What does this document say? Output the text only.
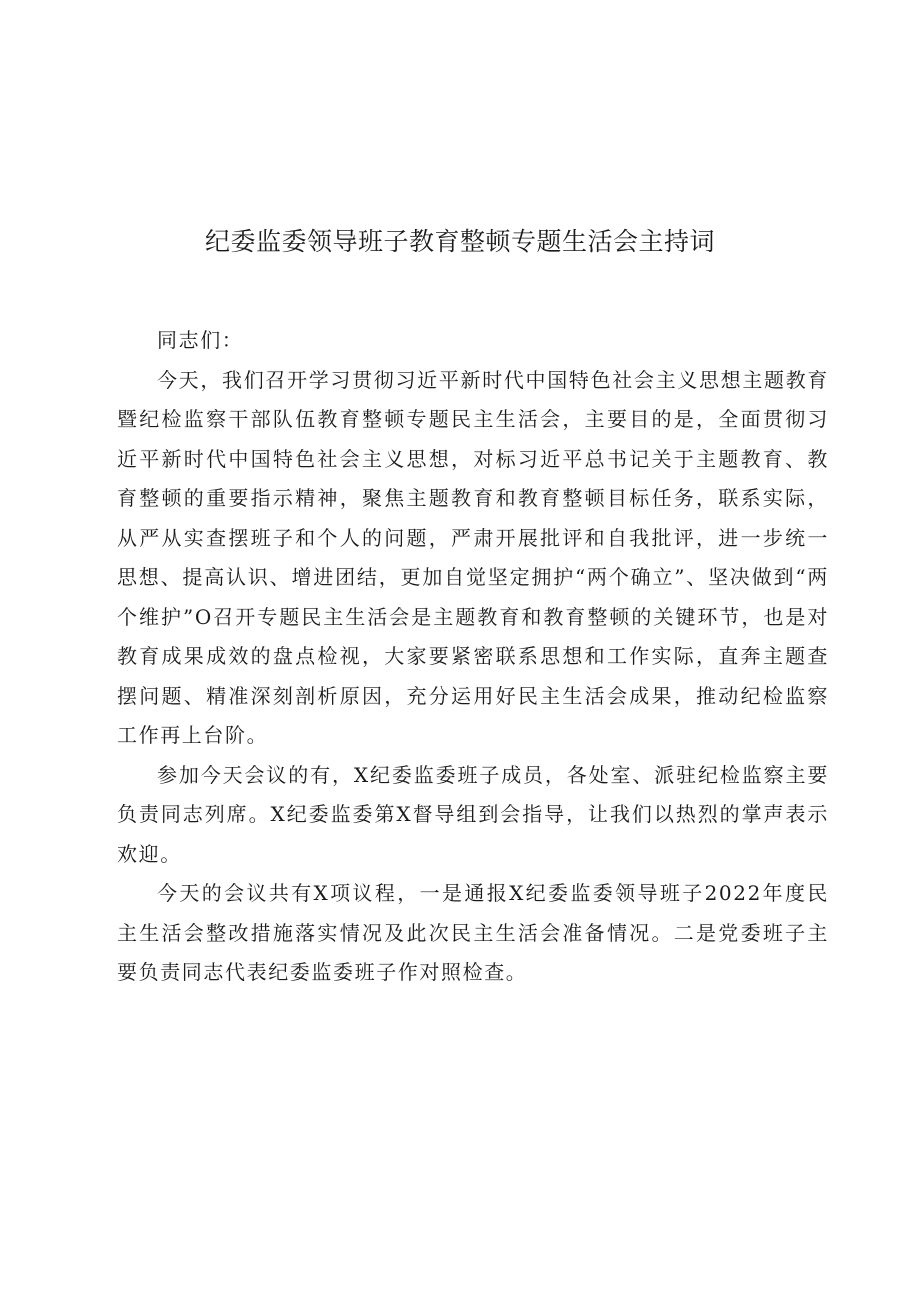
纪委监委领导班子教育整顿专题生活会主持词

同志们：

今天，我们召开学习贯彻习近平新时代中国特色社会主义思想主题教育暨纪检监察干部队伍教育整顿专题民主生活会，主要目的是，全面贯彻习近平新时代中国特色社会主义思想，对标习近平总书记关于主题教育、教育整顿的重要指示精神，聚焦主题教育和教育整顿目标任务，联系实际，从严从实查摆班子和个人的问题，严肃开展批评和自我批评，进一步统一思想、提高认识、增进团结，更加自觉坚定拥护“两个确立”、坚决做到“两个维护”O召开专题民主生活会是主题教育和教育整顿的关键环节，也是对教育成果成效的盘点检视，大家要紧密联系思想和工作实际，直奔主题查摆问题、精准深刻剖析原因，充分运用好民主生活会成果，推动纪检监察工作再上台阶。

参加今天会议的有，X纪委监委班子成员，各处室、派驻纪检监察主要负责同志列席。X纪委监委第X督导组到会指导，让我们以热烈的掌声表示欢迎。

今天的会议共有X项议程，一是通报X纪委监委领导班子2022年度民主生活会整改措施落实情况及此次民主生活会准备情况。二是党委班子主要负责同志代表纪委监委班子作对照检查。
